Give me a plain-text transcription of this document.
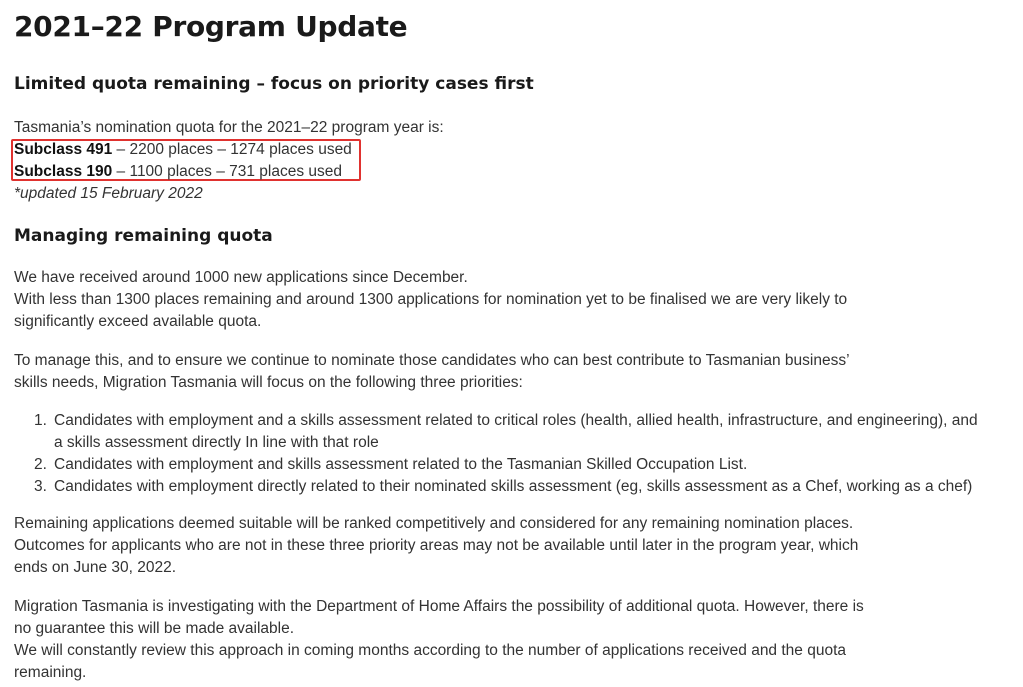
2021–22 Program Update
Limited quota remaining – focus on priority cases first

Tasmania’s nomination quota for the 2021–22 program year is:

Subclass 491 – 2200 places – 1274 places used
Subclass 190 – 1100 places – 731 places used
*updated 15 February 2022
Managing remaining quota

We have received around 1000 new applications since December.
With less than 1300 places remaining and around 1300 applications for nomination yet to be finalised we are very likely to
significantly exceed available quota.

To manage this, and to ensure we continue to nominate those candidates who can best contribute to Tasmanian business’
skills needs, Migration Tasmania will focus on the following three priorities:

1. Candidates with employment and a skills assessment related to critical roles (health, allied health, infrastructure, and engineering), and
a skills assessment directly In line with that role
2. Candidates with employment and skills assessment related to the Tasmanian Skilled Occupation List.
3. Candidates with employment directly related to their nominated skills assessment (eg, skills assessment as a Chef, working as a chef)

Remaining applications deemed suitable will be ranked competitively and considered for any remaining nomination places.
Outcomes for applicants who are not in these three priority areas may not be available until later in the program year, which
ends on June 30, 2022.

Migration Tasmania is investigating with the Department of Home Affairs the possibility of additional quota. However, there is
no guarantee this will be made available.
We will constantly review this approach in coming months according to the number of applications received and the quota
remaining.
